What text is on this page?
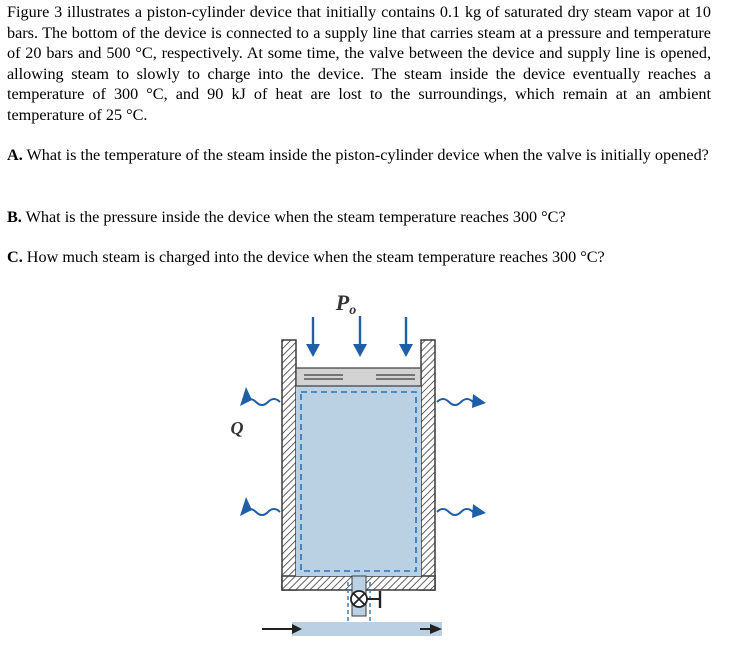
Figure 3 illustrates a piston-cylinder device that initially contains 0.1 kg of saturated dry steam vapor at 10 bars. The bottom of the device is connected to a supply line that carries steam at a pressure and temperature of 20 bars and 500 °C, respectively. At some time, the valve between the device and supply line is opened, allowing steam to slowly to charge into the device. The steam inside the device eventually reaches a temperature of 300 °C, and 90 kJ of heat are lost to the surroundings, which remain at an ambient temperature of 25 °C.

A. What is the temperature of the steam inside the piston-cylinder device when the valve is initially opened?

B. What is the pressure inside the device when the steam temperature reaches 300 °C?

C. How much steam is charged into the device when the steam temperature reaches 300 °C?

Po
Q
